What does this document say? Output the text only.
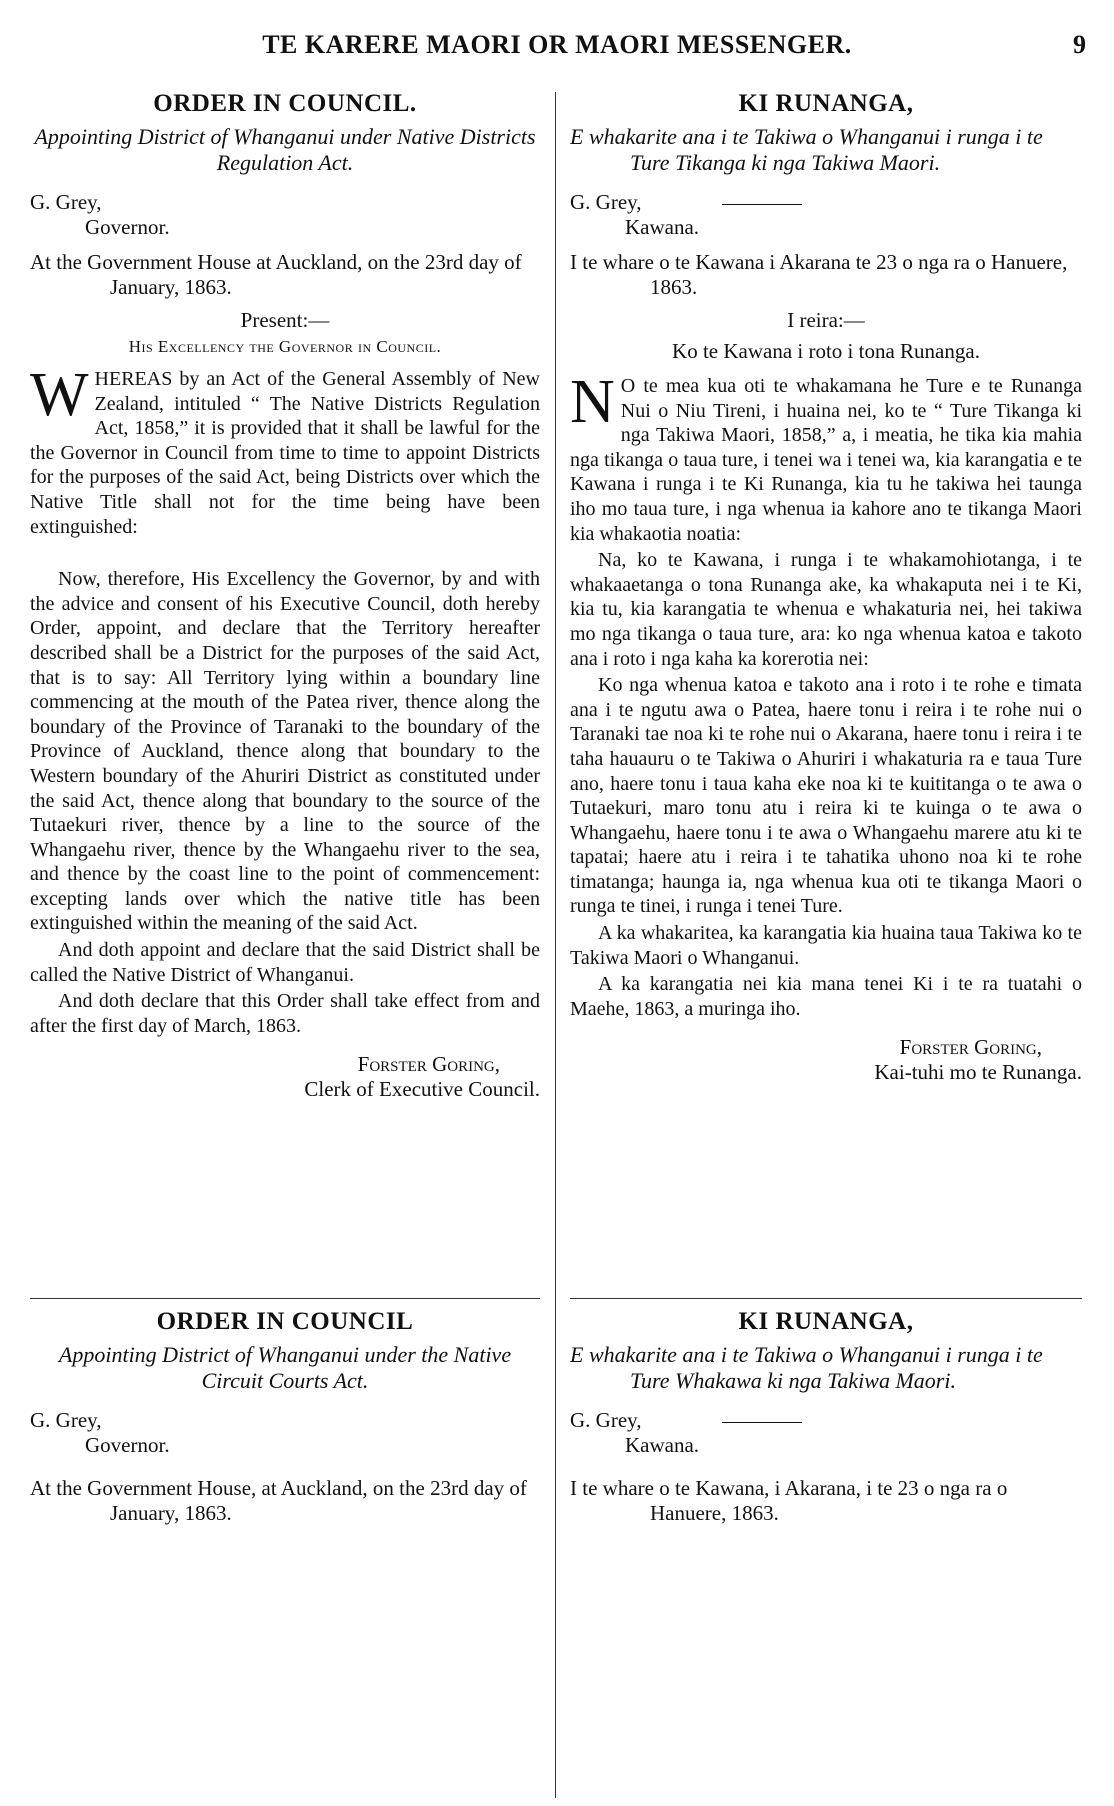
TE KARERE MAORI OR MAORI MESSENGER.	9
ORDER IN COUNCIL.

Appointing District of Whanganui under Native Districts Regulation Act.

G. Grey,

Governor.

At the Government House at Auckland, on the 23rd day of January, 1863.

Present:—

His Excellency the Governor in Council.

WHEREAS by an Act of the General Assembly of New Zealand, intituled “ The Native Districts Regulation Act, 1858,” it is provided that it shall be lawful for the the Governor in Council from time to time to appoint Districts for the purposes of the said Act, being Districts over which the Native Title shall not for the time being have been extinguished:

Now, therefore, His Excellency the Governor, by and with the advice and consent of his Executive Council, doth hereby Order, appoint, and declare that the Territory hereafter described shall be a District for the purposes of the said Act, that is to say: All Territory lying within a boundary line commencing at the mouth of the Patea river, thence along the boundary of the Province of Taranaki to the boundary of the Province of Auckland, thence along that boundary to the Western boundary of the Ahuriri District as constituted under the said Act, thence along that boundary to the source of the Tutaekuri river, thence by a line to the source of the Whangaehu river, thence by the Whangaehu river to the sea, and thence by the coast line to the point of commencement: excepting lands over which the native title has been extinguished within the meaning of the said Act.

And doth appoint and declare that the said District shall be called the Native District of Whanganui.

And doth declare that this Order shall take effect from and after the first day of March, 1863.

Forster Goring,
Clerk of Executive Council.
ORDER IN COUNCIL

Appointing District of Whanganui under the Native Circuit Courts Act.

G. Grey,

Governor.

At the Government House, at Auckland, on the 23rd day of January, 1863.

KI RUNANGA,

E whakarite ana i te Takiwa o Whanganui i runga i te Ture Tikanga ki nga Takiwa Maori.

G. Grey,

Kawana.

I te whare o te Kawana i Akarana te 23 o nga ra o Hanuere, 1863.

I reira:—

Ko te Kawana i roto i tona Runanga.

N O te mea kua oti te whakamana he Ture e te Runanga Nui o Niu Tireni, i huaina nei, ko te “ Ture Tikanga ki nga Takiwa Maori, 1858,” a, i meatia, he tika kia mahia nga tikanga o taua ture, i tenei wa i tenei wa, kia karangatia e te Kawana i runga i te Ki Runanga, kia tu he takiwa hei taunga iho mo taua ture, i nga whenua ia kahore ano te tikanga Maori kia whakaotia noatia:

Na, ko te Kawana, i runga i te whakamohiotanga, i te whakaaetanga o tona Runanga ake, ka whakaputa nei i te Ki, kia tu, kia karangatia te whenua e whakaturia nei, hei takiwa mo nga tikanga o taua ture, ara: ko nga whenua katoa e takoto ana i roto i nga kaha ka korerotia nei:

Ko nga whenua katoa e takoto ana i roto i te rohe e timata ana i te ngutu awa o Patea, haere tonu i reira i te rohe nui o Taranaki tae noa ki te rohe nui o Akarana, haere tonu i reira i te taha hauauru o te Takiwa o Ahuriri i whakaturia ra e taua Ture ano, haere tonu i taua kaha eke noa ki te kuititanga o te awa o Tutaekuri, maro tonu atu i reira ki te kuinga o te awa o Whangaehu, haere tonu i te awa o Whangaehu marere atu ki te tapatai; haere atu i reira i te tahatika uhono noa ki te rohe timatanga; haunga ia, nga whenua kua oti te tikanga Maori o runga te tinei, i runga i tenei Ture.

A ka whakaritea, ka karangatia kia huaina taua Takiwa ko te Takiwa Maori o Whanganui.

A ka karangatia nei kia mana tenei Ki i te ra tuatahi o Maehe, 1863, a muringa iho.

Forster Goring,
Kai-tuhi mo te Runanga.
KI RUNANGA,

E whakarite ana i te Takiwa o Whanganui i runga i te Ture Whakawa ki nga Takiwa Maori.

G. Grey,

Kawana.

I te whare o te Kawana, i Akarana, i te 23 o nga ra o Hanuere, 1863.
